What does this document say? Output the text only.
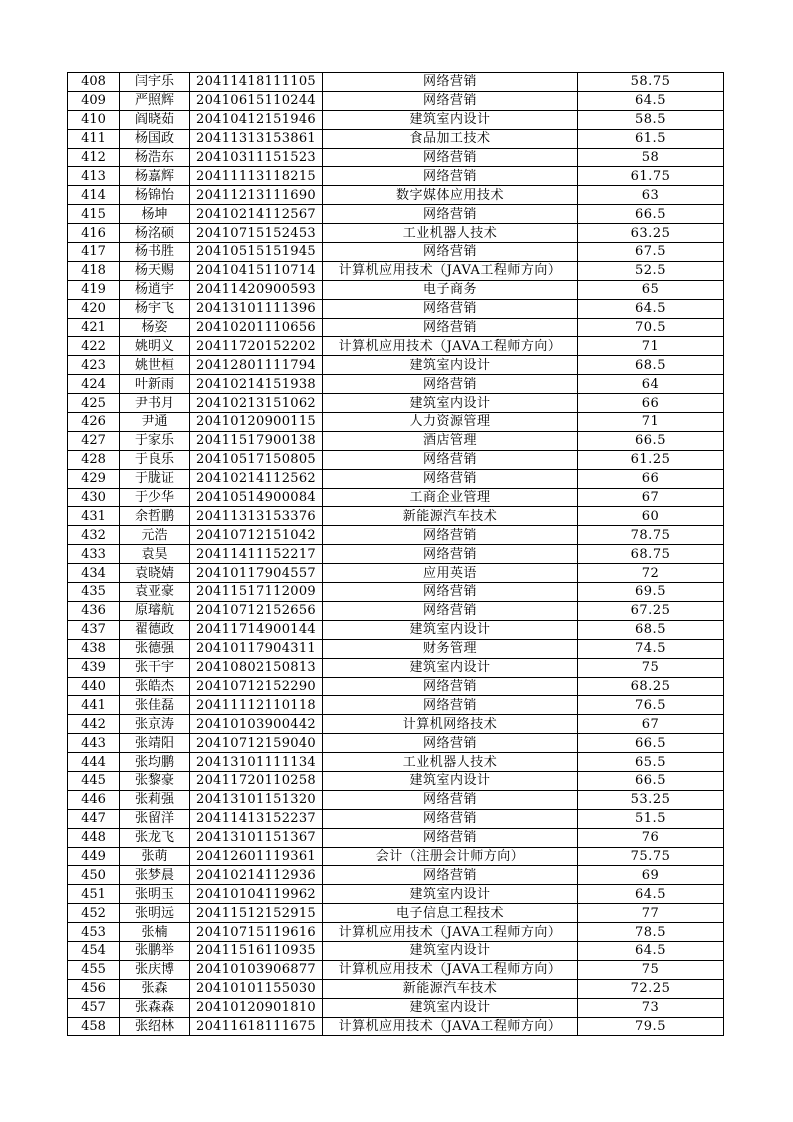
408	闫宇乐	20411418111105	网络营销	58.75
409	严照辉	20410615110244	网络营销	64.5
410	阎晓茹	20410412151946	建筑室内设计	58.5
411	杨国政	20411313153861	食品加工技术	61.5
412	杨浩东	20410311151523	网络营销	58
413	杨嘉辉	20411113118215	网络营销	61.75
414	杨锦怡	20411213111690	数字媒体应用技术	63
415	杨坤	20410214112567	网络营销	66.5
416	杨洺硕	20410715152453	工业机器人技术	63.25
417	杨书胜	20410515151945	网络营销	67.5
418	杨天赐	20410415110714	计算机应用技术（JAVA工程师方向）	52.5
419	杨逍宇	20411420900593	电子商务	65
420	杨宇飞	20413101111396	网络营销	64.5
421	杨姿	20410201110656	网络营销	70.5
422	姚明义	20411720152202	计算机应用技术（JAVA工程师方向）	71
423	姚世桓	20412801111794	建筑室内设计	68.5
424	叶新雨	20410214151938	网络营销	64
425	尹书月	20410213151062	建筑室内设计	66
426	尹通	20410120900115	人力资源管理	71
427	于家乐	20411517900138	酒店管理	66.5
428	于良乐	20410517150805	网络营销	61.25
429	于胧证	20410214112562	网络营销	66
430	于少华	20410514900084	工商企业管理	67
431	余哲鹏	20411313153376	新能源汽车技术	60
432	元浩	20410712151042	网络营销	78.75
433	袁昊	20411411152217	网络营销	68.75
434	袁晓婧	20410117904557	应用英语	72
435	袁亚豪	20411517112009	网络营销	69.5
436	原璿航	20410712152656	网络营销	67.25
437	翟德政	20411714900144	建筑室内设计	68.5
438	张德强	20410117904311	财务管理	74.5
439	张干宇	20410802150813	建筑室内设计	75
440	张皓杰	20410712152290	网络营销	68.25
441	张佳磊	20411112110118	网络营销	76.5
442	张京涛	20410103900442	计算机网络技术	67
443	张靖阳	20410712159040	网络营销	66.5
444	张均鹏	20413101111134	工业机器人技术	65.5
445	张黎豪	20411720110258	建筑室内设计	66.5
446	张莉强	20413101151320	网络营销	53.25
447	张留洋	20411413152237	网络营销	51.5
448	张龙飞	20413101151367	网络营销	76
449	张萌	20412601119361	会计（注册会计师方向）	75.75
450	张梦晨	20410214112936	网络营销	69
451	张明玉	20410104119962	建筑室内设计	64.5
452	张明远	20411512152915	电子信息工程技术	77
453	张楠	20410715119616	计算机应用技术（JAVA工程师方向）	78.5
454	张鹏举	20411516110935	建筑室内设计	64.5
455	张庆博	20410103906877	计算机应用技术（JAVA工程师方向）	75
456	张森	20410101155030	新能源汽车技术	72.25
457	张森森	20410120901810	建筑室内设计	73
458	张绍林	20411618111675	计算机应用技术（JAVA工程师方向）	79.5
